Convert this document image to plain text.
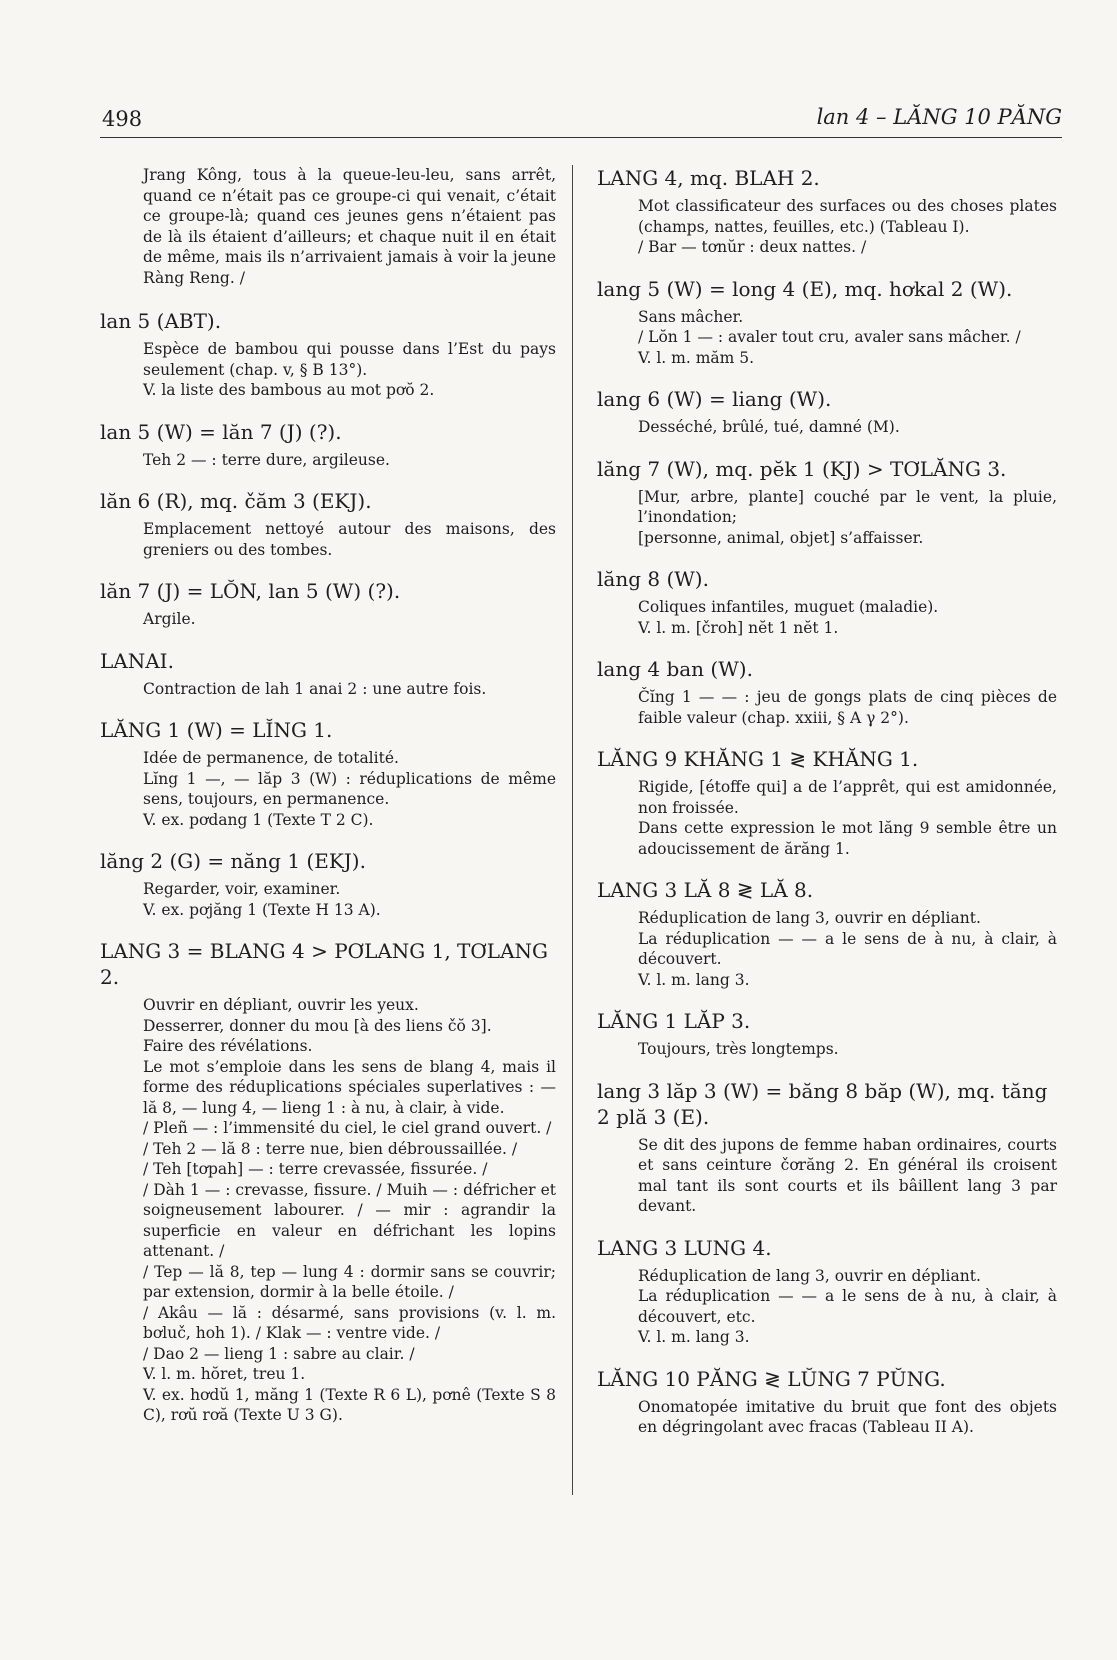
498	lan 4 – LĂNG 10 PĂNG

Jrang Kông, tous à la queue-leu-leu, sans arrêt, quand ce n’était pas ce groupe-ci qui venait, c’était ce groupe-là; quand ces jeunes gens n’étaient pas de là ils étaient d’ailleurs; et chaque nuit il en était de même, mais ils n’arrivaient jamais à voir la jeune Ràng Reng. /

lan 5 (ABT).

Espèce de bambou qui pousse dans l’Est du pays seulement (chap. v, § B 13°).

V. la liste des bambous au mot pơŏ 2.

lan 5 (W) = lăn 7 (J) (?).

Teh 2 — : terre dure, argileuse.

lăn 6 (R), mq. čăm 3 (EKJ).

Emplacement nettoyé autour des maisons, des greniers ou des tombes.

lăn 7 (J) = LŎN, lan 5 (W) (?).

Argile.

LANAI.

Contraction de lah 1 anai 2 : une autre fois.

LĂNG 1 (W) = LĬNG 1.

Idée de permanence, de totalité.

Lĭng 1 —, — lăp 3 (W) : réduplications de même sens, toujours, en permanence.

V. ex. pơdang 1 (Texte T 2 C).

lăng 2 (G) = năng 1 (EKJ).

Regarder, voir, examiner.

V. ex. pơjăng 1 (Texte H 13 A).

LANG 3 = BLANG 4 > PƠLANG 1, TƠLANG 2.

Ouvrir en dépliant, ouvrir les yeux.

Desserrer, donner du mou [à des liens čŏ 3].

Faire des révélations.

Le mot s’emploie dans les sens de blang 4, mais il forme des réduplications spéciales superlatives : — lă 8, — lung 4, — lieng 1 : à nu, à clair, à vide.

/ Pleñ — : l’immensité du ciel, le ciel grand ouvert. /

/ Teh 2 — lă 8 : terre nue, bien débroussaillée. /

/ Teh [tơpah] — : terre crevassée, fissurée. /

/ Dàh 1 — : crevasse, fissure. / Muih — : défricher et soigneusement labourer. / — mir : agrandir la superficie en valeur en défrichant les lopins attenant. /

/ Tep — lă 8, tep — lung 4 : dormir sans se couvrir; par extension, dormir à la belle étoile. /

/ Akâu — lă : désarmé, sans provisions (v. l. m. bơluč, hoh 1). / Klak — : ventre vide. /

/ Dao 2 — lieng 1 : sabre au clair. /

V. l. m. hŏret, treu 1.

V. ex. hơdŭ 1, măng 1 (Texte R 6 L), pơnê (Texte S 8 C), rơŭ rơă (Texte U 3 G).

LANG 4, mq. BLAH 2.

Mot classificateur des surfaces ou des choses plates (champs, nattes, feuilles, etc.) (Tableau I).

/ Bar — tơnŭr : deux nattes. /

lang 5 (W) = long 4 (E), mq. hơkal 2 (W).

Sans mâcher.

/ Lŏn 1 — : avaler tout cru, avaler sans mâcher. /

V. l. m. măm 5.

lang 6 (W) = liang (W).

Desséché, brûlé, tué, damné (M).

lăng 7 (W), mq. pĕk 1 (KJ) > TƠLĂNG 3.

[Mur, arbre, plante] couché par le vent, la pluie, l’inondation;

[personne, animal, objet] s’affaisser.

lăng 8 (W).

Coliques infantiles, muguet (maladie).

V. l. m. [čroh] nĕt 1 nĕt 1.

lang 4 ban (W).

Čĭng 1 — — : jeu de gongs plats de cinq pièces de faible valeur (chap. xxiii, § A γ 2°).

LĂNG 9 KHĂNG 1 ≷ KHĂNG 1.

Rigide, [étoffe qui] a de l’apprêt, qui est amidonnée, non froissée.

Dans cette expression le mot lăng 9 semble être un adoucissement de ărăng 1.

LANG 3 LĂ 8 ≷ LĂ 8.

Réduplication de lang 3, ouvrir en dépliant.

La réduplication — — a le sens de à nu, à clair, à découvert.

V. l. m. lang 3.

LĂNG 1 LĂP 3.

Toujours, très longtemps.

lang 3 lăp 3 (W) = băng 8 băp (W), mq. tăng 2 plă 3 (E).

Se dit des jupons de femme haban ordinaires, courts et sans ceinture čơrăng 2. En général ils croisent mal tant ils sont courts et ils bâillent lang 3 par devant.

LANG 3 LUNG 4.

Réduplication de lang 3, ouvrir en dépliant.

La réduplication — — a le sens de à nu, à clair, à découvert, etc.

V. l. m. lang 3.

LĂNG 10 PĂNG ≷ LŬNG 7 PŬNG.

Onomatopée imitative du bruit que font des objets en dégringolant avec fracas (Tableau II A).
